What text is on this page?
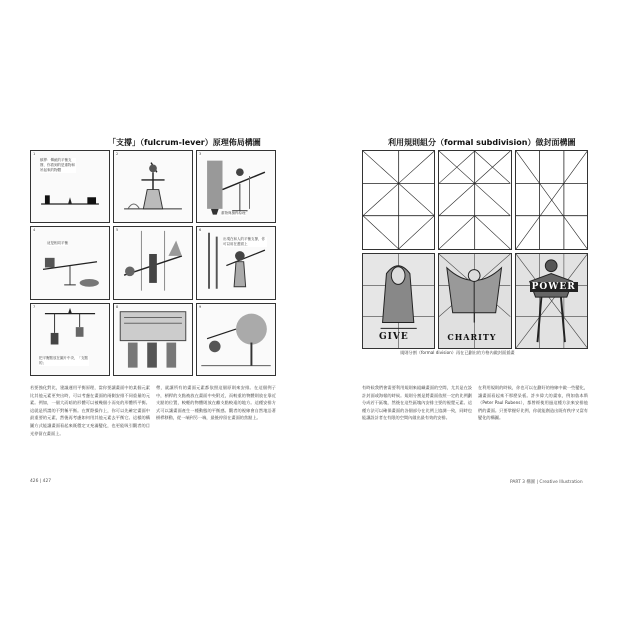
「支撐」（fulcrum-lever）原理佈局構圖
1
槓桿：傳統的平衡支撐，你看到的是重物和吊起來的物體
2	3
重物與槓桿原理
4
這是相同平衡
5	6
出現在和人的平衡支撐，你可以用在畫面上
7
把平衡點放在圖片中央，「支點的」
8	9
若要強化對比，建議運用平衡原理，當你要讓畫面中的某個元素比其他元素更突出時，可以考慮在畫面的兩側安排不同重量的元素。例如，一個大而暗的形體可以被幾個小而亮的形體所平衡。這就是所謂的不對稱平衡。在實際操作上，你可以先確定畫面中最重要的元素，然後再考慮如何用其他元素去平衡它。這樣的構圖方式能讓畫面看起來既穩定又充滿變化，也更能吸引觀者的目光停留在畫面上。
帶，就讓所有的畫面元素都依照這個原則來安排。在這個例子中，槓桿的支點被放在畫面中央附近，而較重的物體則放在靠近支點的位置，較輕的物體則放在離支點較遠的地方。這種安排方式可以讓畫面產生一種動態的平衡感。觀者的視線會自然地沿著槓桿移動，從一端到另一端，最後停留在畫面的焦點上。
426 | 427
利用規則組分（formal subdivision）做封面構圖
GIVE	CHARITY
POWER
規則分割（formal division）再在已劃出的方格內做封面插畫
有時候我們會需要利用規則來組織畫面的空間，尤其是在設計封面或海報的時候。規則分割是將畫面依照一定的比例劃分成若干區塊，然後在這些區塊內安排主要的視覺元素。這種方法可以確保畫面的各個部分在比例上協調一致，同時也能讓設計者在有限的空間內做出最有效的安排。
在利用規則的時候，你也可以在劃好的格線中做一些變化，讓畫面看起來不那麼呆板。許多偉大的畫家，例如魯本斯（Peter Paul Rubens），都曾經使用過這種方法來安排他們的畫面。只要掌握好比例，你就能創造出既有秩序又富有變化的構圖。
PART 3 構圖 | Creative Illustration
